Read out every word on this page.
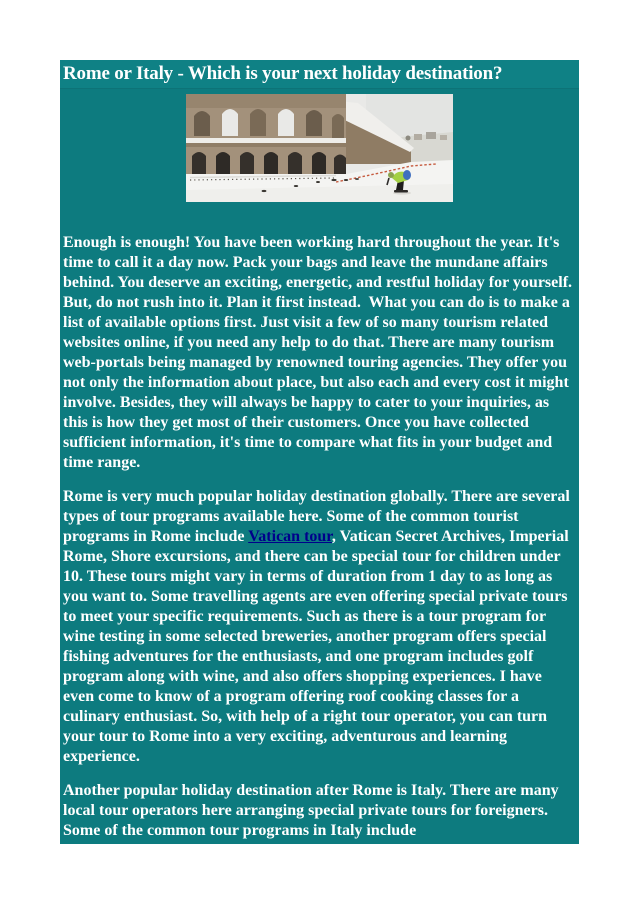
Rome or Italy - Which is your next holiday destination?

Enough is enough! You have been working hard throughout the year. It's time to call it a day now. Pack your bags and leave the mundane affairs behind. You deserve an exciting, energetic, and restful holiday for yourself. But, do not rush into it. Plan it first instead.  What you can do is to make a list of available options first. Just visit a few of so many tourism related websites online, if you need any help to do that. There are many tourism web-portals being managed by renowned touring agencies. They offer you not only the information about place, but also each and every cost it might involve. Besides, they will always be happy to cater to your inquiries, as this is how they get most of their customers. Once you have collected sufficient information, it's time to compare what fits in your budget and time range.

Rome is very much popular holiday destination globally. There are several types of tour programs available here. Some of the common tourist programs in Rome include Vatican tour, Vatican Secret Archives, Imperial Rome, Shore excursions, and there can be special tour for children under 10. These tours might vary in terms of duration from 1 day to as long as you want to. Some travelling agents are even offering special private tours to meet your specific requirements. Such as there is a tour program for wine testing in some selected breweries, another program offers special fishing adventures for the enthusiasts, and one program includes golf program along with wine, and also offers shopping experiences. I have even come to know of a program offering roof cooking classes for a culinary enthusiast. So, with help of a right tour operator, you can turn your tour to Rome into a very exciting, adventurous and learning experience.

Another popular holiday destination after Rome is Italy. There are many local tour operators here arranging special private tours for foreigners. Some of the common tour programs in Italy include
